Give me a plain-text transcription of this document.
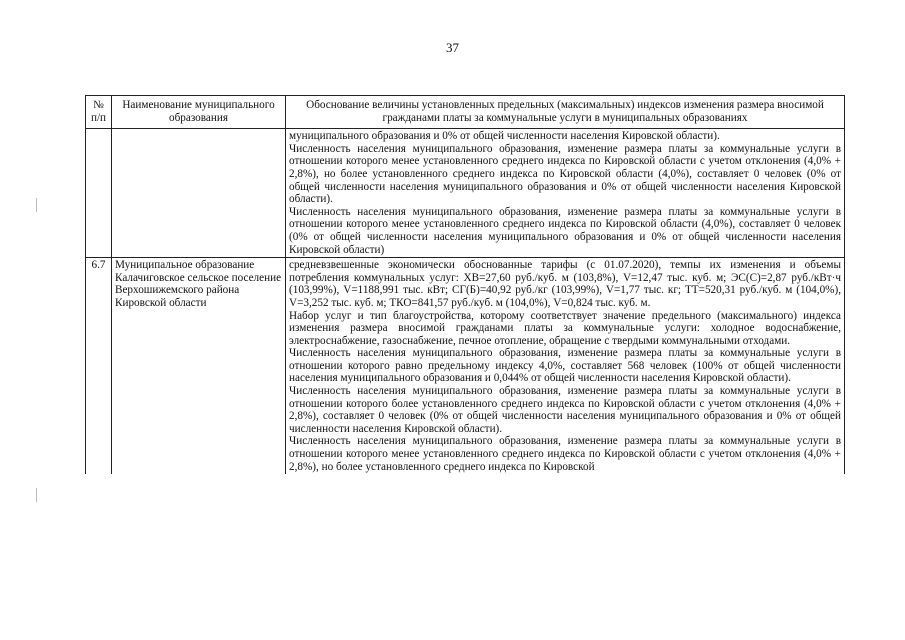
37
№ п/п	Наименование муниципального образования	Обоснование величины установленных предельных (максимальных) индексов изменения размера вносимой гражданами платы за коммунальные услуги в муниципальных образованиях

		муниципального образования и 0% от общей численности населения Кировской области).

Численность населения муниципального образования, изменение размера платы за коммунальные услуги в отношении которого менее установленного среднего индекса по Кировской области с учетом отклонения (4,0% + 2,8%), но более установленного среднего индекса по Кировской области (4,0%), составляет 0 человек (0% от общей численности населения муниципального образования и 0% от общей численности населения Кировской области).

Численность населения муниципального образования, изменение размера платы за коммунальные услуги в отношении которого менее установленного среднего индекса по Кировской области (4,0%), составляет 0 человек (0% от общей численности населения муниципального образования и 0% от общей численности населения Кировской области)

6.7	Муниципальное образование Калачиговское сельское поселение Верхошижемского района Кировской области	средневзвешенные экономически обоснованные тарифы (с 01.07.2020), темпы их изменения и объемы потребления коммунальных услуг: ХВ=27,60 руб./куб. м (103,8%), V=12,47 тыс. куб. м; ЭС(С)=2,87 руб./кВт·ч (103,99%), V=1188,991 тыс. кВт; СГ(Б)=40,92 руб./кг (103,99%), V=1,77 тыс. кг; ТТ=520,31 руб./куб. м (104,0%), V=3,252 тыс. куб. м; ТКО=841,57 руб./куб. м (104,0%), V=0,824 тыс. куб. м.

Набор услуг и тип благоустройства, которому соответствует значение предельного (максимального) индекса изменения размера вносимой гражданами платы за коммунальные услуги: холодное водоснабжение, электроснабжение, газоснабжение, печное отопление, обращение с твердыми коммунальными отходами.

Численность населения муниципального образования, изменение размера платы за коммунальные услуги в отношении которого равно предельному индексу 4,0%, составляет 568 человек (100% от общей численности населения муниципального образования и 0,044% от общей численности населения Кировской области).

Численность населения муниципального образования, изменение размера платы за коммунальные услуги в отношении которого более установленного среднего индекса по Кировской области с учетом отклонения (4,0% + 2,8%), составляет 0 человек (0% от общей численности населения муниципального образования и 0% от общей численности населения Кировской области).

Численность населения муниципального образования, изменение размера платы за коммунальные услуги в отношении которого менее установленного среднего индекса по Кировской области с учетом отклонения (4,0% + 2,8%), но более установленного среднего индекса по Кировской
